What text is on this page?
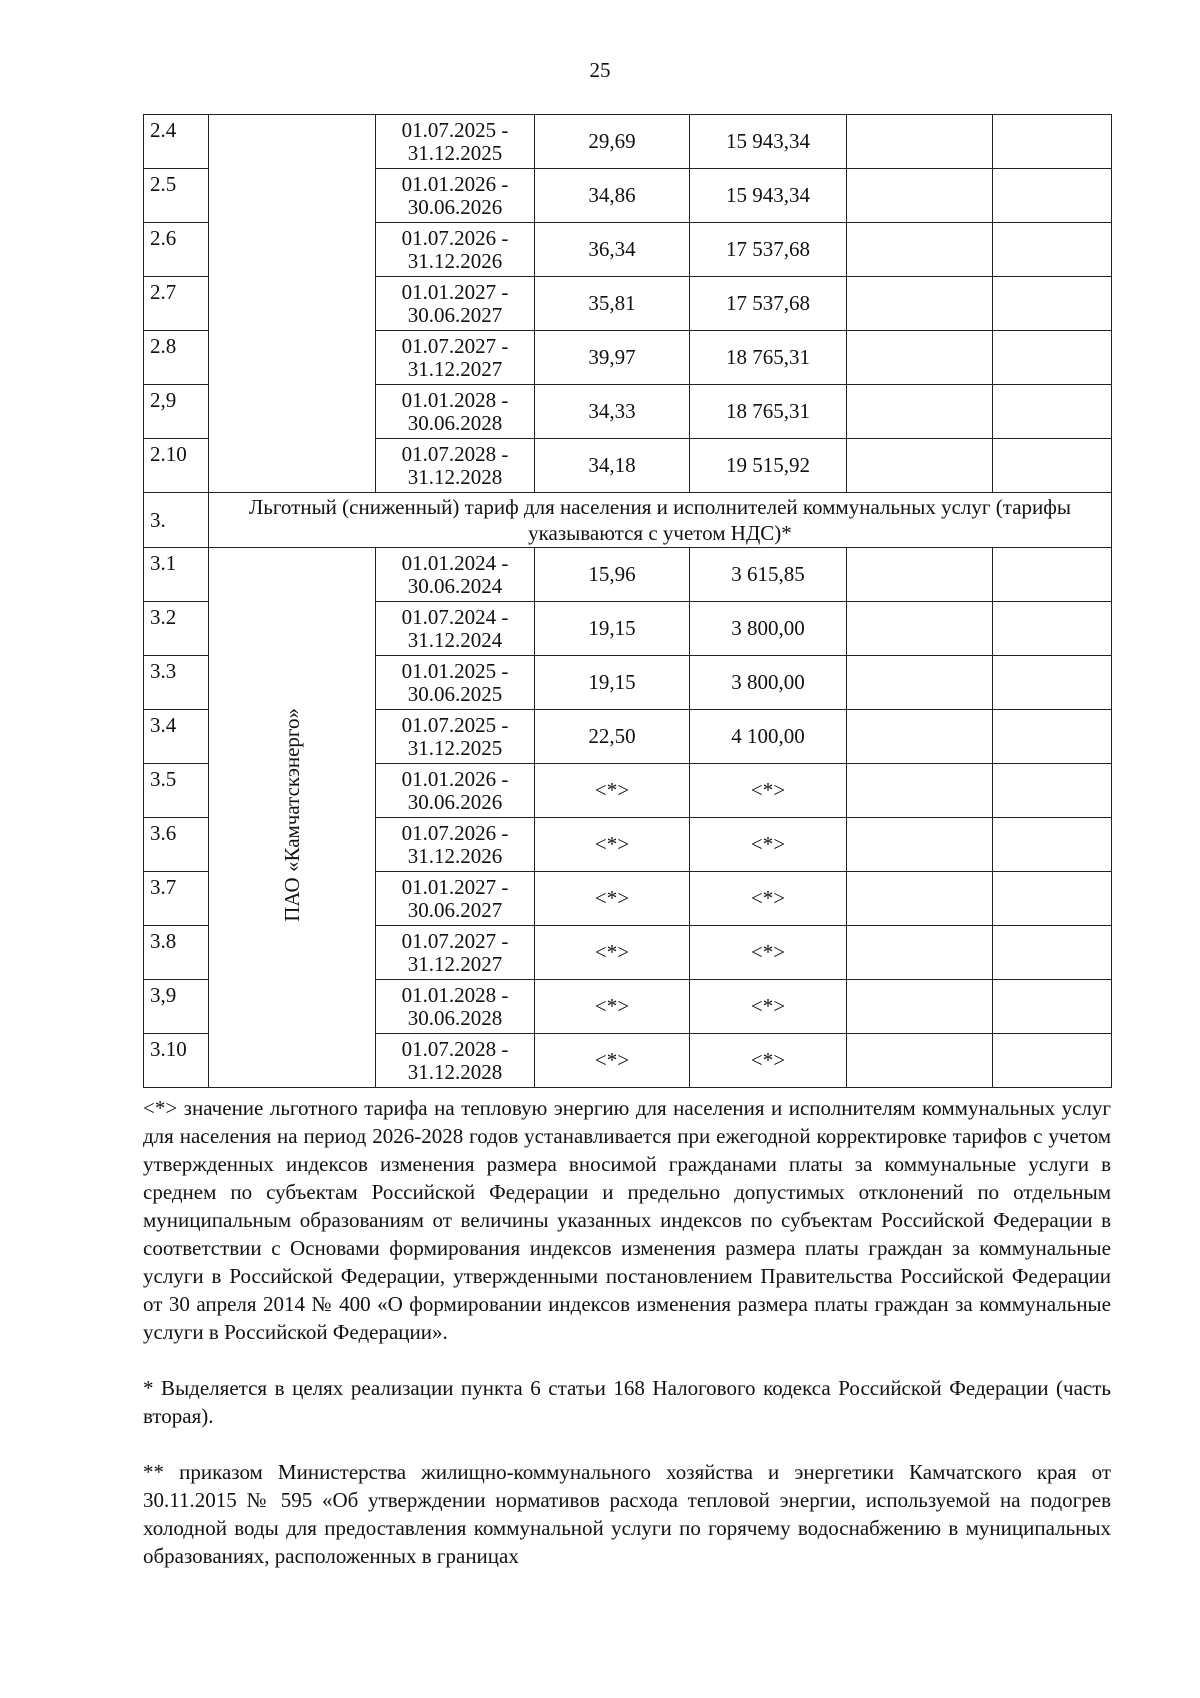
25
2.4		01.07.2025 -
31.12.2025	29,69	15 943,34		
2.5		01.01.2026 -
30.06.2026	34,86	15 943,34		
2.6		01.07.2026 -
31.12.2026	36,34	17 537,68		
2.7		01.01.2027 -
30.06.2027	35,81	17 537,68		
2.8		01.07.2027 -
31.12.2027	39,97	18 765,31		
2,9		01.01.2028 -
30.06.2028	34,33	18 765,31		
2.10		01.07.2028 -
31.12.2028	34,18	19 515,92		
3.	Льготный (сниженный) тариф для населения и исполнителей коммунальных услуг (тарифы указываются с учетом НДС)*					
3.1	ПАО «Камчатскэнерго»	01.01.2024 -
30.06.2024	15,96	3 615,85		
3.2		01.07.2024 -
31.12.2024	19,15	3 800,00		
3.3		01.01.2025 -
30.06.2025	19,15	3 800,00		
3.4		01.07.2025 -
31.12.2025	22,50	4 100,00		
3.5		01.01.2026 -
30.06.2026	<*>	<*>		
3.6		01.07.2026 -
31.12.2026	<*>	<*>		
3.7		01.01.2027 -
30.06.2027	<*>	<*>		
3.8		01.07.2027 -
31.12.2027	<*>	<*>		
3,9		01.01.2028 -
30.06.2028	<*>	<*>		
3.10		01.07.2028 -
31.12.2028	<*>	<*>		

<*> значение льготного тарифа на тепловую энергию для населения и исполнителям коммунальных услуг для населения на период 2026-2028 годов устанавливается при ежегодной корректировке тарифов с учетом утвержденных индексов изменения размера вносимой гражданами платы за коммунальные услуги в среднем по субъектам Российской Федерации и предельно допустимых отклонений по отдельным муниципальным образованиям от величины указанных индексов по субъектам Российской Федерации в соответствии с Основами формирования индексов изменения размера платы граждан за коммунальные услуги в Российской Федерации, утвержденными постановлением Правительства Российской Федерации от 30 апреля 2014 № 400 «О формировании индексов изменения размера платы граждан за коммунальные услуги в Российской Федерации».

* Выделяется в целях реализации пункта 6 статьи 168 Налогового кодекса Российской Федерации (часть вторая).

** приказом Министерства жилищно-коммунального хозяйства и энергетики Камчатского края от 30.11.2015 № 595 «Об утверждении нормативов расхода тепловой энергии, используемой на подогрев холодной воды для предоставления коммунальной услуги по горячему водоснабжению в муниципальных образованиях, расположенных в границах
